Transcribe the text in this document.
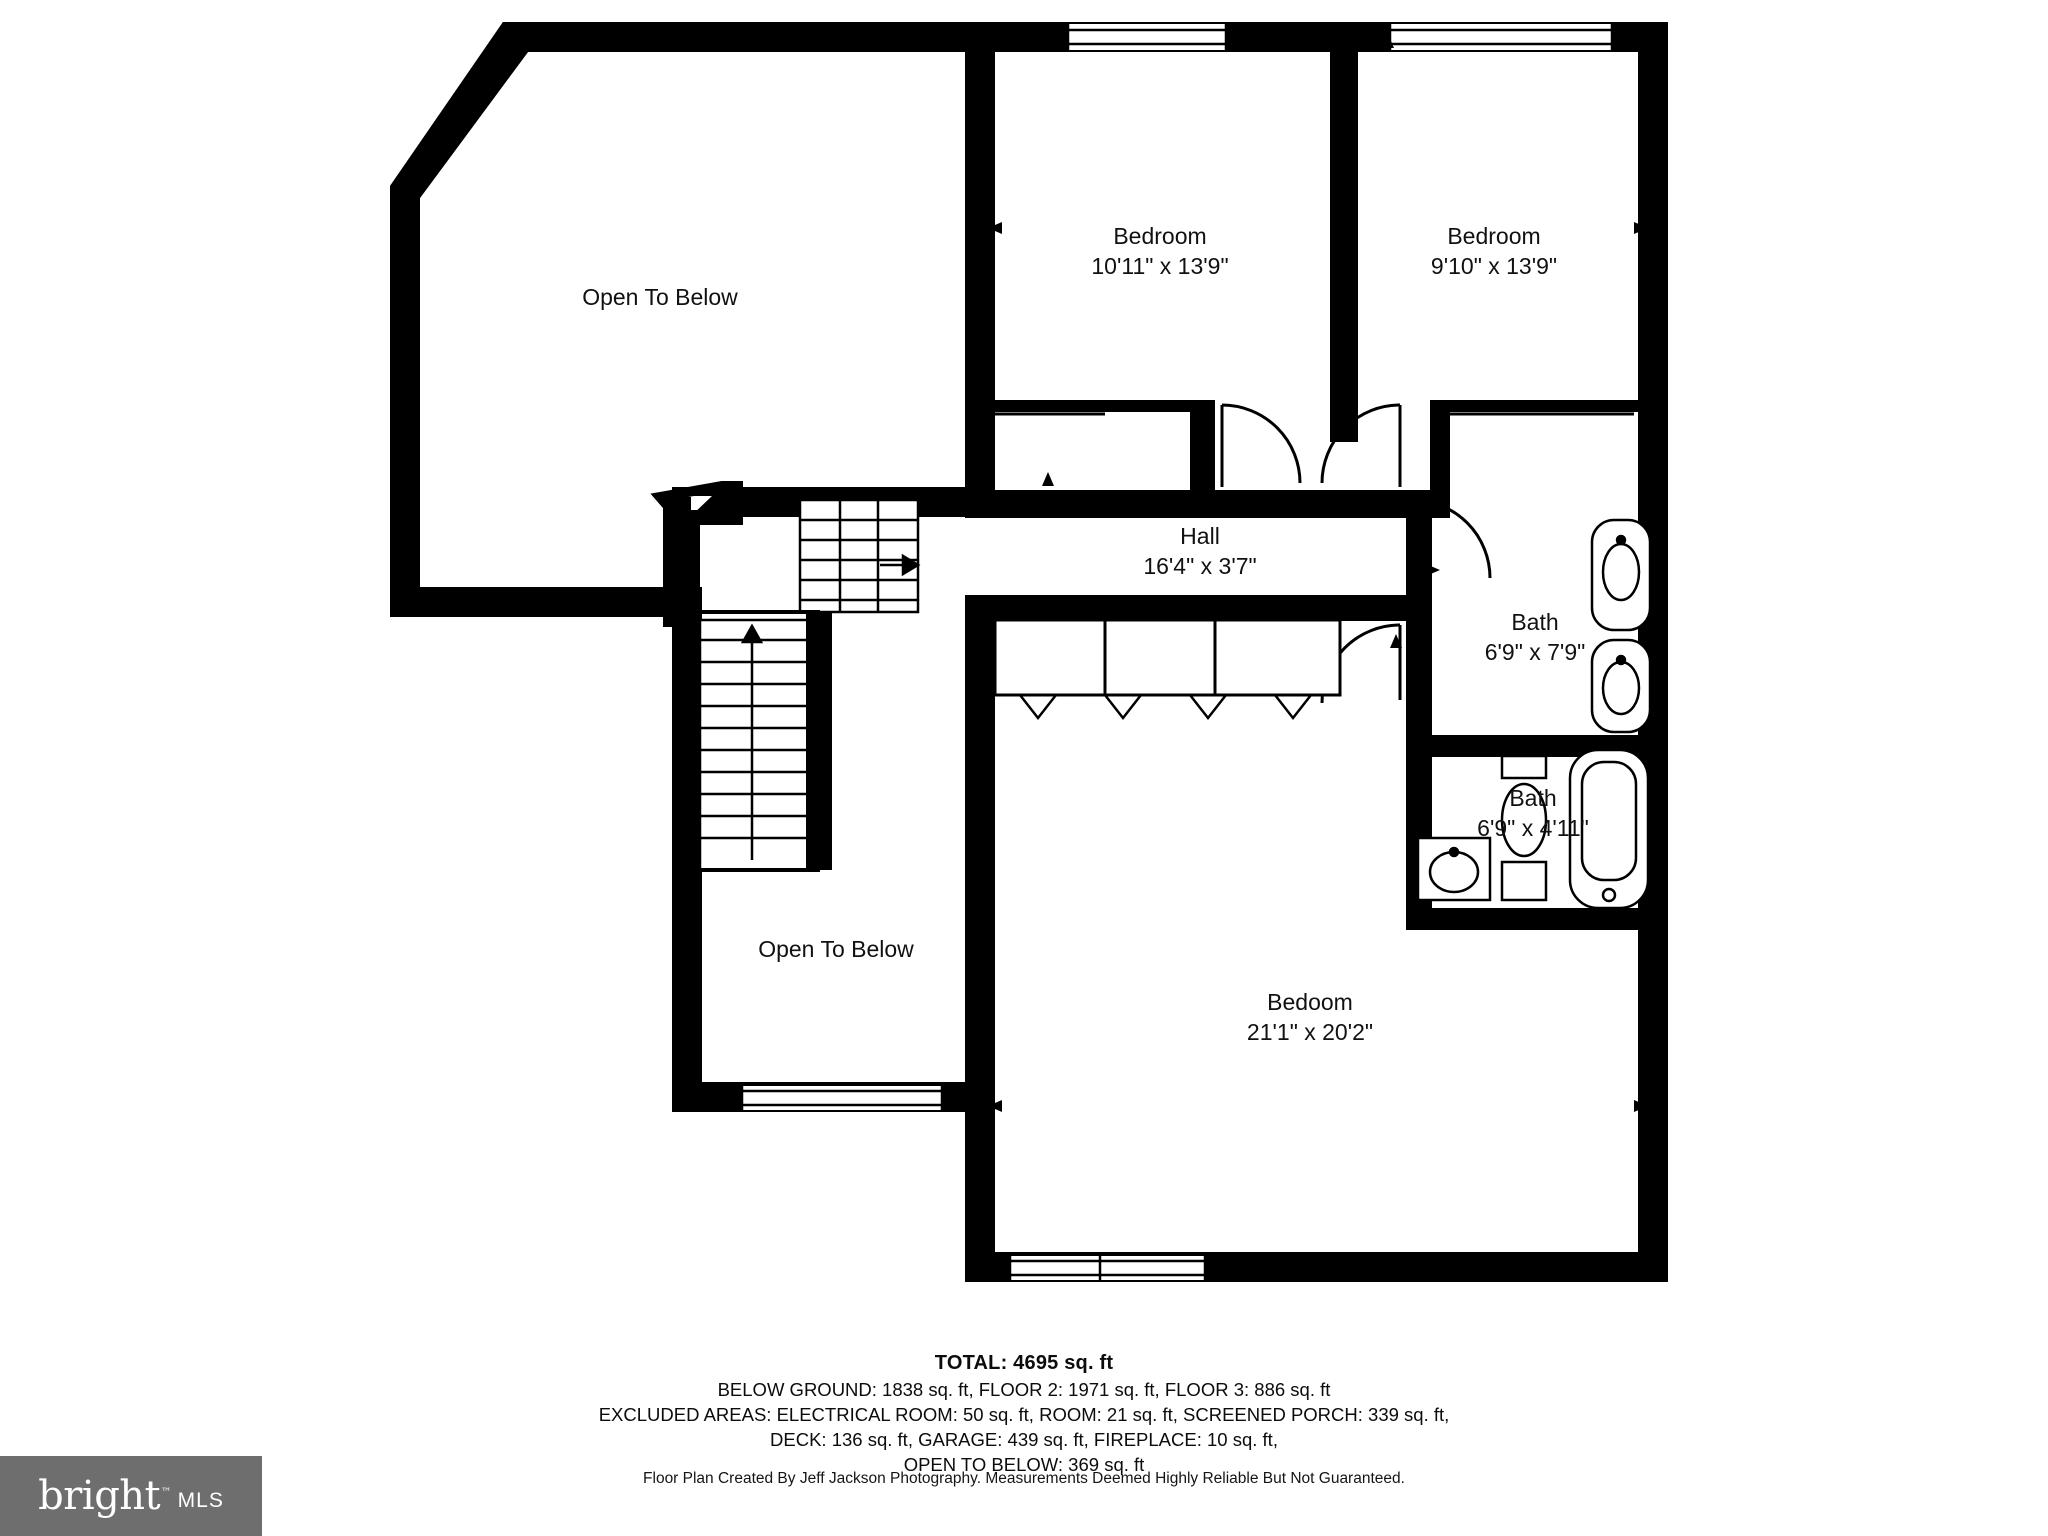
Open To Below
Bedroom
10'11" x 13'9"
Bedroom
9'10" x 13'9"
Hall
16'4" x 3'7"
Bath
6'9" x 7'9"
Bath
6'9" x 4'11"
Open To Below
Bedoom
21'1" x 20'2"
TOTAL: 4695 sq. ft
BELOW GROUND: 1838 sq. ft, FLOOR 2: 1971 sq. ft, FLOOR 3: 886 sq. ft
EXCLUDED AREAS: ELECTRICAL ROOM: 50 sq. ft, ROOM: 21 sq. ft, SCREENED PORCH: 339 sq. ft,
DECK: 136 sq. ft, GARAGE: 439 sq. ft, FIREPLACE: 10 sq. ft,
OPEN TO BELOW: 369 sq. ft
Floor Plan Created By Jeff Jackson Photography. Measurements Deemed Highly Reliable But Not Guaranteed.
bright™ MLS
